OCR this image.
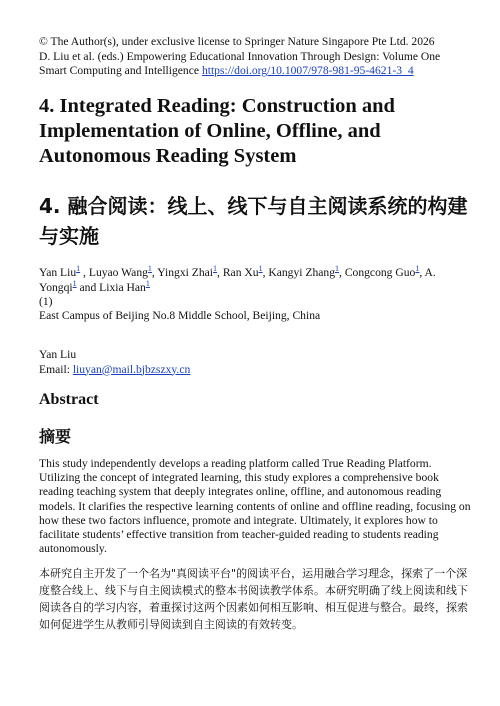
© The Author(s), under exclusive license to Springer Nature Singapore Pte Ltd. 2026
D. Liu et al. (eds.) Empowering Educational Innovation Through Design: Volume One
Smart Computing and Intelligence https://doi.org/10.1007/978-981-95-4621-3_4
4. Integrated Reading: Construction and Implementation of Online, Offline, and Autonomous Reading System
4. 融合阅读：线上、线下与自主阅读系统的构建与实施
Yan Liu$^1$ , Luyao Wang$^1$, Yingxi Zhai$^1$, Ran Xu$^1$, Kangyi Zhang$^1$, Congcong Guo$^1$, A. Yongqi$^1$ and Lixia Han$^1$
(1)
East Campus of Beijing No.8 Middle School, Beijing, China
Yan Liu
Email: liuyan@mail.bjbzszxy.cn
Abstract
摘要

This study independently develops a reading platform called True Reading Platform. Utilizing the concept of integrated learning, this study explores a comprehensive book reading teaching system that deeply integrates online, offline, and autonomous reading models. It clarifies the respective learning contents of online and offline reading, focusing on how these two factors influence, promote and integrate. Ultimately, it explores how to facilitate students’ effective transition from teacher-guided reading to students reading autonomously.

本研究自主开发了一个名为"真阅读平台"的阅读平台，运用融合学习理念，探索了一个深度整合线上、线下与自主阅读模式的整本书阅读教学体系。本研究明确了线上阅读和线下阅读各自的学习内容，着重探讨这两个因素如何相互影响、相互促进与整合。最终，探索如何促进学生从教师引导阅读到自主阅读的有效转变。
